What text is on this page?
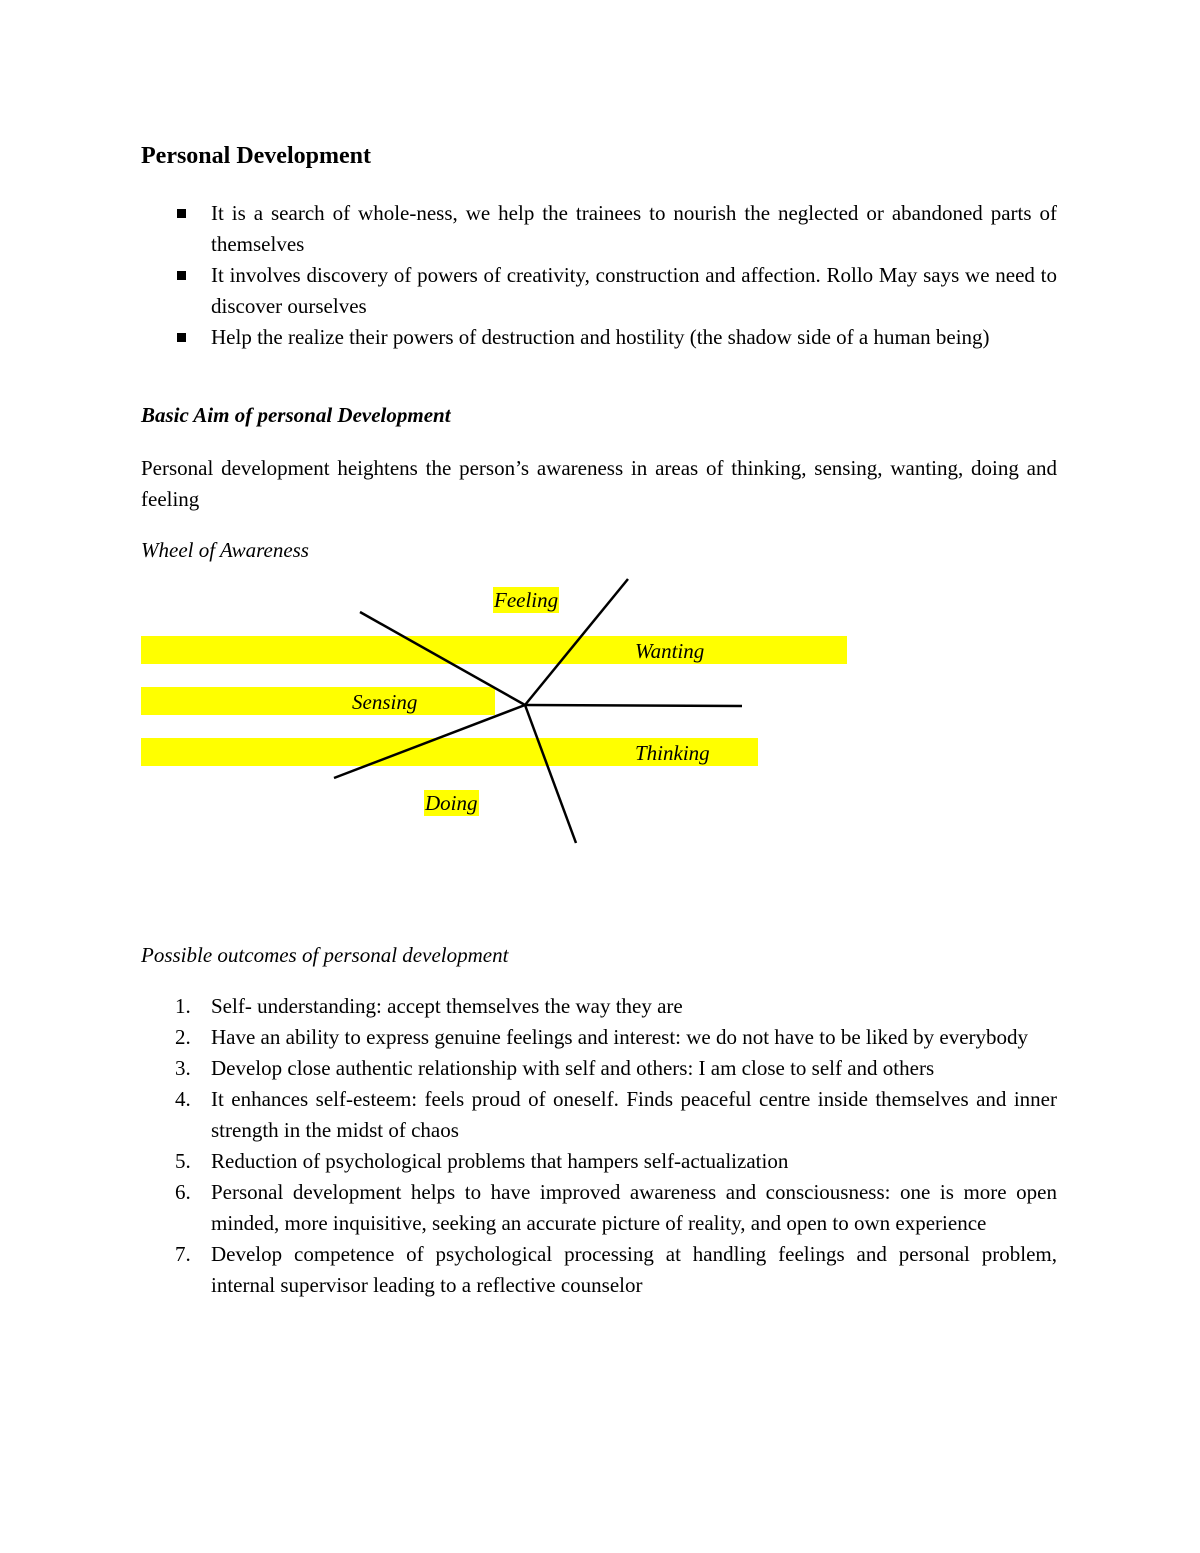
Personal Development
It is a search of whole-ness, we help the trainees to nourish the neglected or abandoned parts of themselves
It involves discovery of powers of creativity, construction and affection. Rollo May says we need to discover ourselves
Help the realize their powers of destruction and hostility (the shadow side of a human being)

Basic Aim of personal Development

Personal development heightens the person’s awareness in areas of thinking, sensing, wanting, doing and feeling

Wheel of Awareness

Feeling
Wanting
Sensing
Thinking
Doing

Possible outcomes of personal development

1. Self- understanding: accept themselves the way they are
2. Have an ability to express genuine feelings and interest: we do not have to be liked by everybody
3. Develop close authentic relationship with self and others: I am close to self and others
4. It enhances self-esteem: feels proud of oneself. Finds peaceful centre inside themselves and inner strength in the midst of chaos
5. Reduction of psychological problems that hampers self-actualization
6. Personal development helps to have improved awareness and consciousness: one is more open minded, more inquisitive, seeking an accurate picture of reality, and open to own experience
7. Develop competence of psychological processing at handling feelings and personal problem, internal supervisor leading to a reflective counselor
